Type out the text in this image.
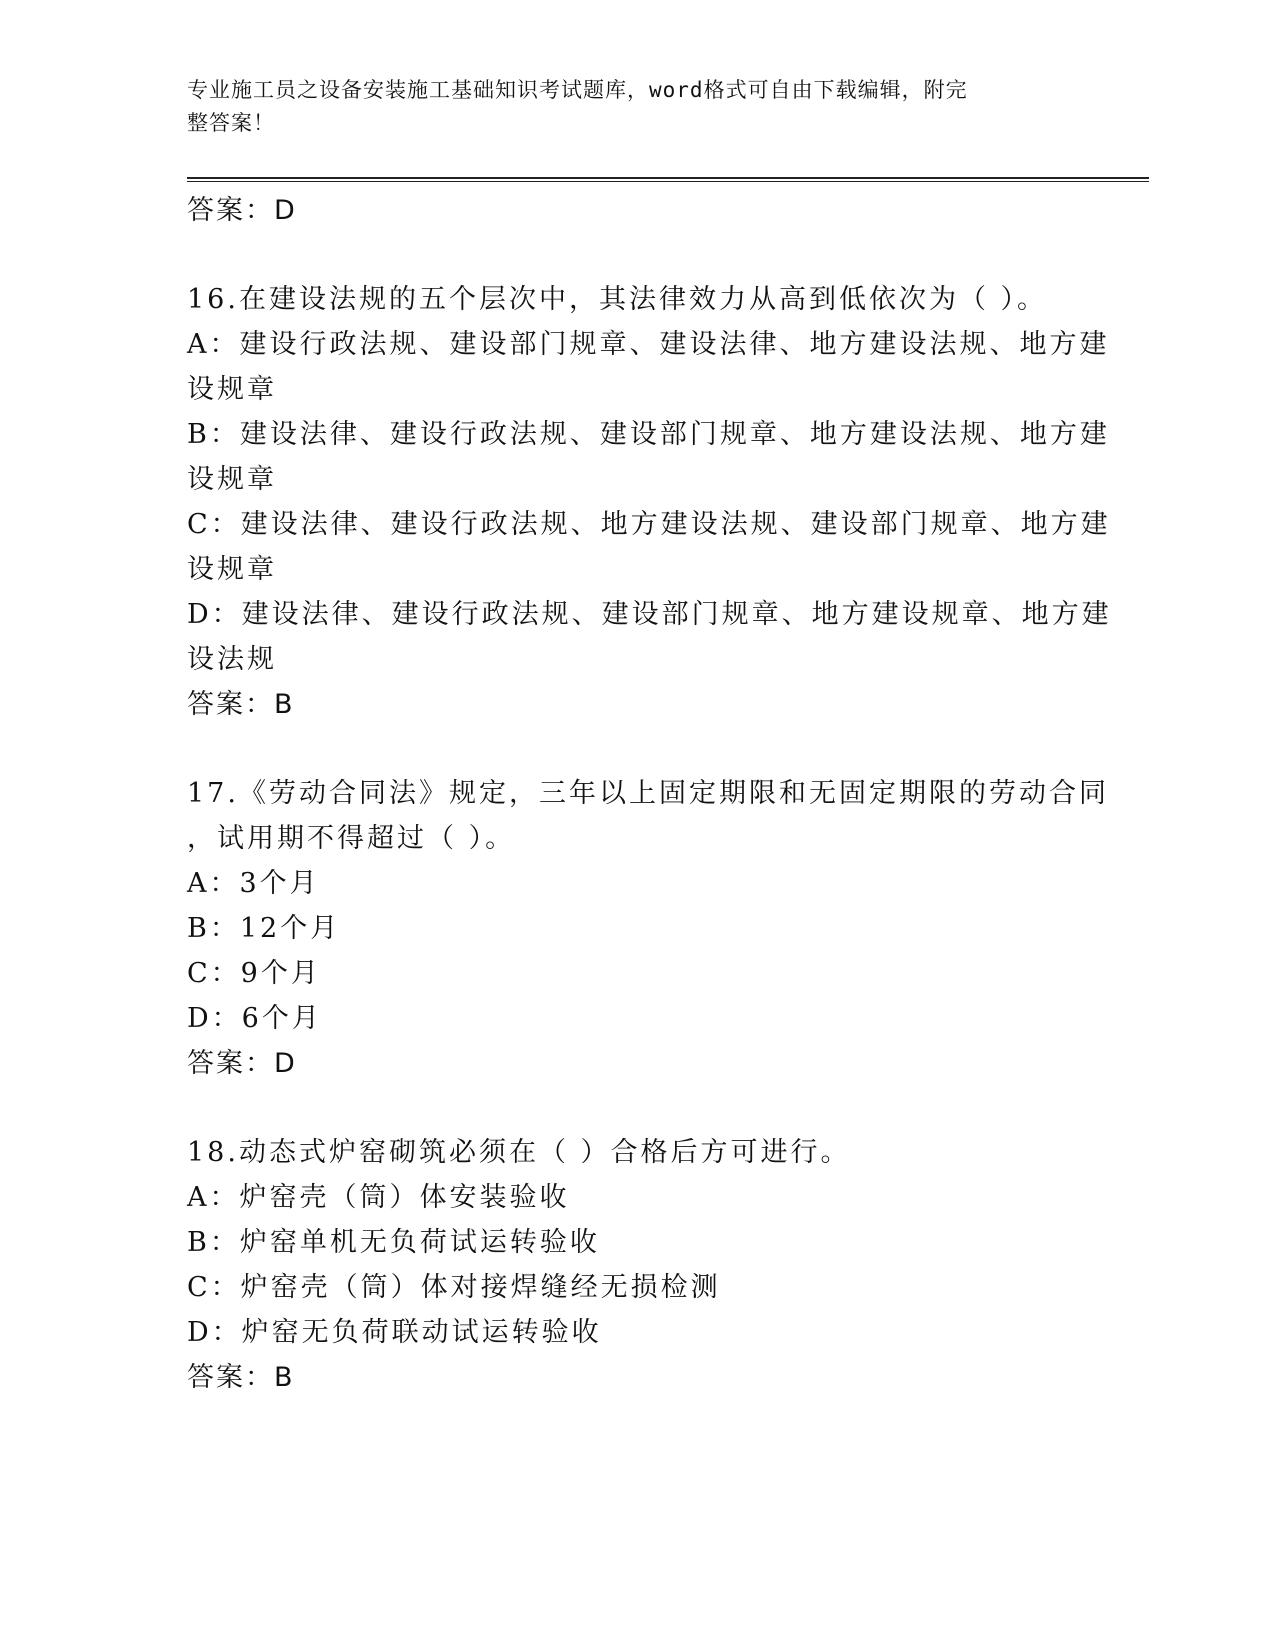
专业施工员之设备安装施工基础知识考试题库，word格式可自由下载编辑，附完
整答案！
答案：D
16.在建设法规的五个层次中，其法律效力从高到低依次为（ ）。
A：建设行政法规、建设部门规章、建设法律、地方建设法规、地方建
设规章
B：建设法律、建设行政法规、建设部门规章、地方建设法规、地方建
设规章
C：建设法律、建设行政法规、地方建设法规、建设部门规章、地方建
设规章
D：建设法律、建设行政法规、建设部门规章、地方建设规章、地方建
设法规
答案：B
17.《劳动合同法》规定，三年以上固定期限和无固定期限的劳动合同
，试用期不得超过（ ）。
A：3个月
B：12个月
C：9个月
D：6个月
答案：D
18.动态式炉窑砌筑必须在（ ）合格后方可进行。
A：炉窑壳（筒）体安装验收
B：炉窑单机无负荷试运转验收
C：炉窑壳（筒）体对接焊缝经无损检测
D：炉窑无负荷联动试运转验收
答案：B
